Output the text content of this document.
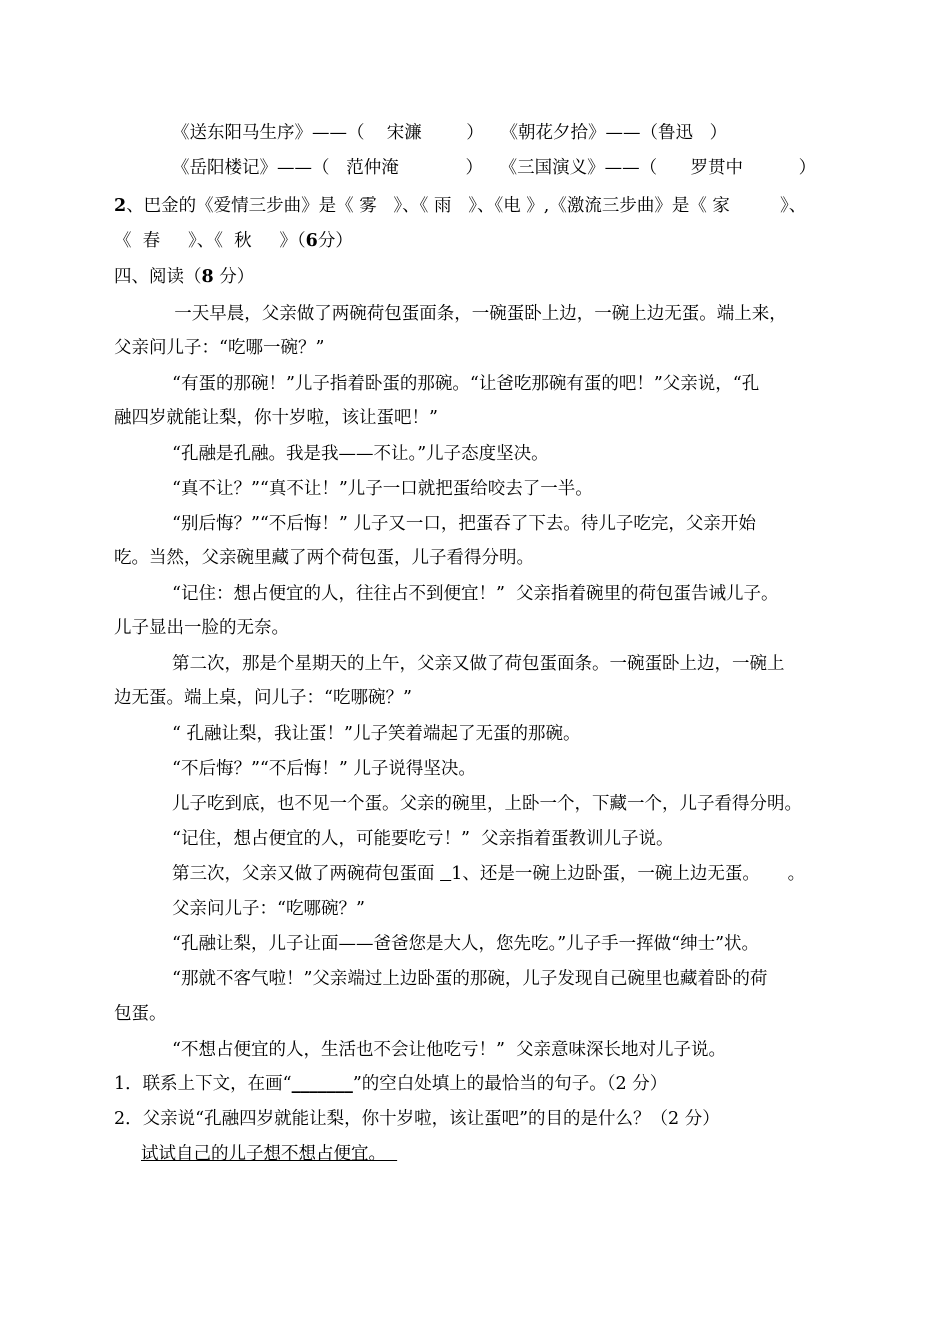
《送东阳马生序》——（    宋濂        ）   《朝花夕拾》——（鲁迅   ）
《岳阳楼记》——（   范仲淹            ）   《三国演义》——（      罗贯中          ）
2、巴金的《爱情三步曲》是《 雾   》、《 雨   》、《电 》,《激流三步曲》是《 家         》、
《  春     》、《  秋     》（6分）
四、阅读（8 分）
一天早晨，父亲做了两碗荷包蛋面条，一碗蛋卧上边，一碗上边无蛋。端上来，
父亲问儿子：“吃哪一碗？”
“有蛋的那碗！”儿子指着卧蛋的那碗。“让爸吃那碗有蛋的吧！”父亲说，“孔
融四岁就能让梨，你十岁啦，该让蛋吧！”
“孔融是孔融。我是我——不让。”儿子态度坚决。
“真不让？”“真不让！”儿子一口就把蛋给咬去了一半。
“别后悔？”“不后悔！” 儿子又一口，把蛋吞了下去。待儿子吃完，父亲开始
吃。当然，父亲碗里藏了两个荷包蛋，儿子看得分明。
“记住：想占便宜的人，往往占不到便宜！”  父亲指着碗里的荷包蛋告诫儿子。
儿子显出一脸的无奈。
第二次，那是个星期天的上午，父亲又做了荷包蛋面条。一碗蛋卧上边，一碗上
边无蛋。端上桌，问儿子：“吃哪碗？”
“ 孔融让梨，我让蛋！”儿子笑着端起了无蛋的那碗。
“不后悔？”“不后悔！” 儿子说得坚决。
儿子吃到底，也不见一个蛋。父亲的碗里，上卧一个，下藏一个，儿子看得分明。
“记住，想占便宜的人，可能要吃亏！”  父亲指着蛋教训儿子说。
第三次，父亲又做了两碗荷包蛋面   1、还是一碗上边卧蛋，一碗上边无蛋。     。
父亲问儿子：“吃哪碗？”
“孔融让梨，儿子让面——爸爸您是大人，您先吃。”儿子手一挥做“绅士”状。
“那就不客气啦！”父亲端过上边卧蛋的那碗，儿子发现自己碗里也藏着卧的荷
包蛋。
“不想占便宜的人，生活也不会让他吃亏！”  父亲意味深长地对儿子说。
1．联系上下文，在画“_______”的空白处填上的最恰当的句子。（2 分）
2．父亲说“孔融四岁就能让梨，你十岁啦，该让蛋吧”的目的是什么？（2 分）
试试自己的儿子想不想占便宜。
